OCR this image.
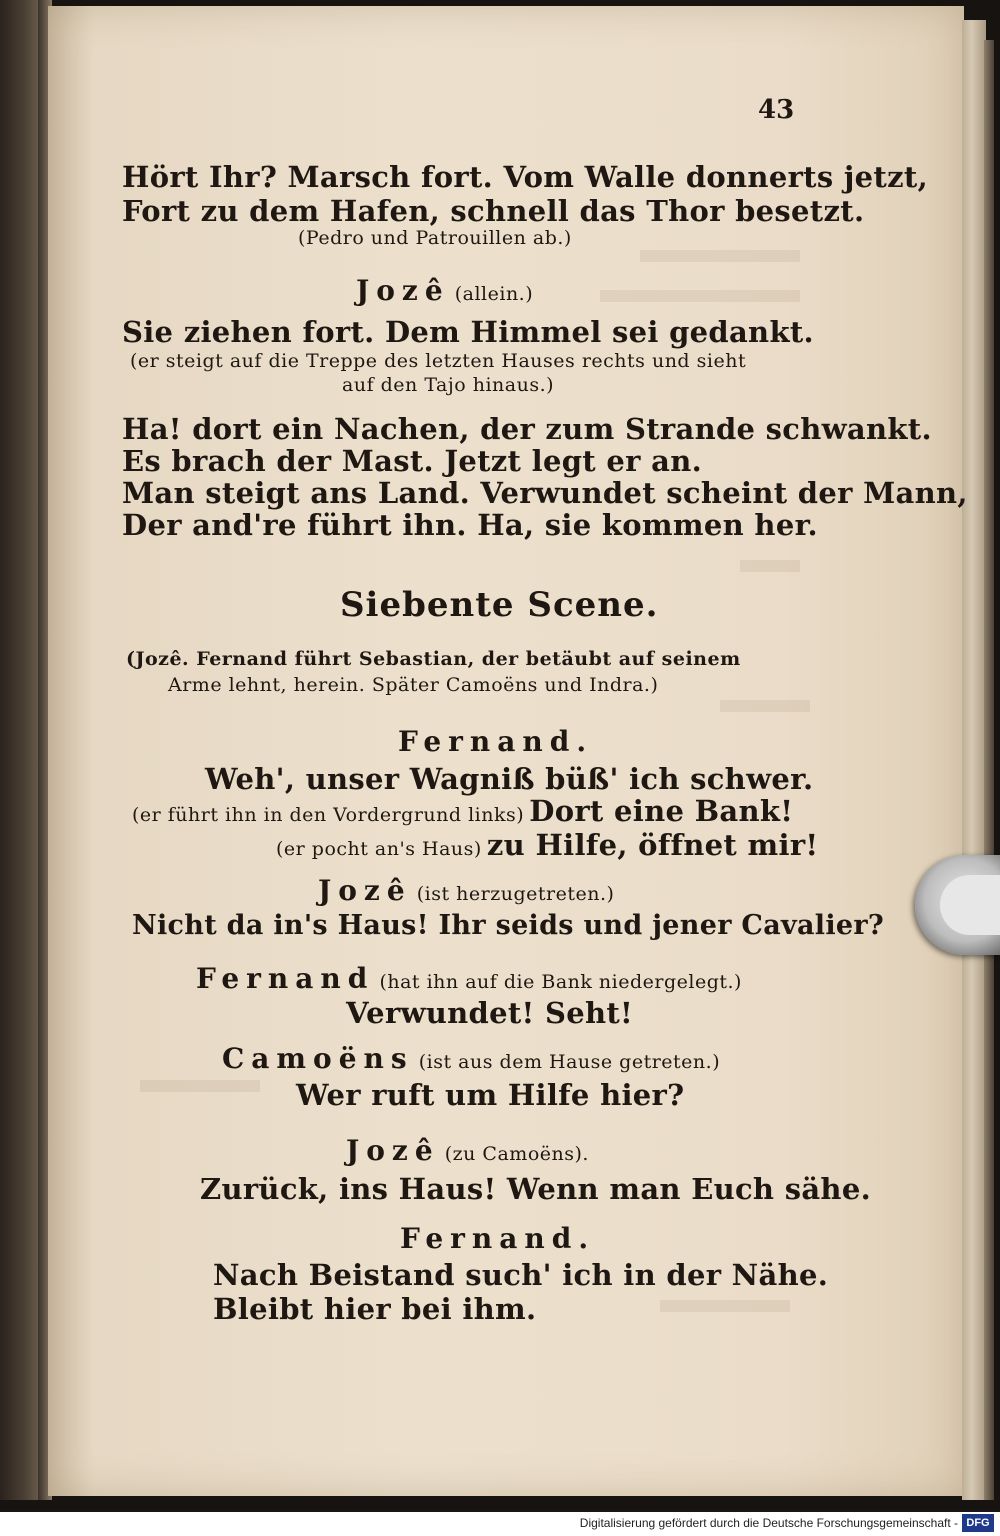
43
Hört Ihr? Marsch fort. Vom Walle donnerts jetzt,
Fort zu dem Hafen, schnell das Thor besetzt.
(Pedro und Patrouillen ab.)
Jozê (allein.)
Sie ziehen fort. Dem Himmel sei gedankt.
(er steigt auf die Treppe des letzten Hauses rechts und sieht
auf den Tajo hinaus.)
Ha! dort ein Nachen, der zum Strande schwankt.
Es brach der Mast. Jetzt legt er an.
Man steigt ans Land. Verwundet scheint der Mann,
Der and're führt ihn. Ha, sie kommen her.
Siebente Scene.
(Jozê. Fernand führt Sebastian, der betäubt auf seinem
Arme lehnt, herein. Später Camoëns und Indra.)
Fernand.
Weh', unser Wagniß büß' ich schwer.
(er führt ihn in den Vordergrund links) Dort eine Bank!
(er pocht an's Haus) zu Hilfe, öffnet mir!
Jozê (ist herzugetreten.)
Nicht da in's Haus! Ihr seids und jener Cavalier?
Fernand (hat ihn auf die Bank niedergelegt.)
Verwundet! Seht!
Camoëns (ist aus dem Hause getreten.)
Wer ruft um Hilfe hier?
Jozê (zu Camoëns).
Zurück, ins Haus! Wenn man Euch sähe.
Fernand.
Nach Beistand such' ich in der Nähe.
Bleibt hier bei ihm.
Digitalisierung gefördert durch die Deutsche Forschungsgemeinschaft - DFG
